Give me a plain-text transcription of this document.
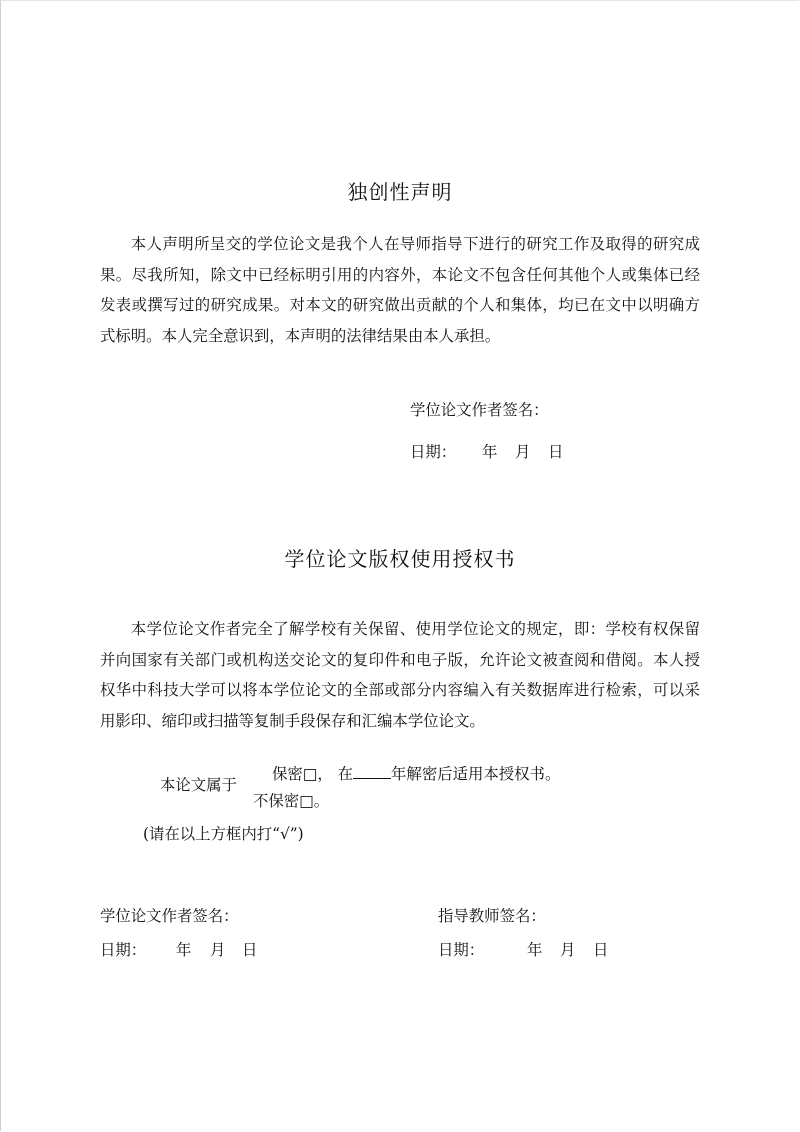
独创性声明

本人声明所呈交的学位论文是我个人在导师指导下进行的研究工作及取得的研究成果。尽我所知，除文中已经标明引用的内容外，本论文不包含任何其他个人或集体已经发表或撰写过的研究成果。对本文的研究做出贡献的个人和集体，均已在文中以明确方式标明。本人完全意识到，本声明的法律结果由本人承担。

学位论文作者签名：
日期： 年 月 日
学位论文版权使用授权书

本学位论文作者完全了解学校有关保留、使用学位论文的规定，即：学校有权保留并向国家有关部门或机构送交论文的复印件和电子版，允许论文被查阅和借阅。本人授权华中科技大学可以将本学位论文的全部或部分内容编入有关数据库进行检索，可以采用影印、缩印或扫描等复制手段保存和汇编本学位论文。

本论文属于
保密□， 在 年解密后适用本授权书。
不保密□。
(请在以上方框内打“√”)
学位论文作者签名：	指导教师签名：
日期： 年 月 日	日期：	年 月 日
